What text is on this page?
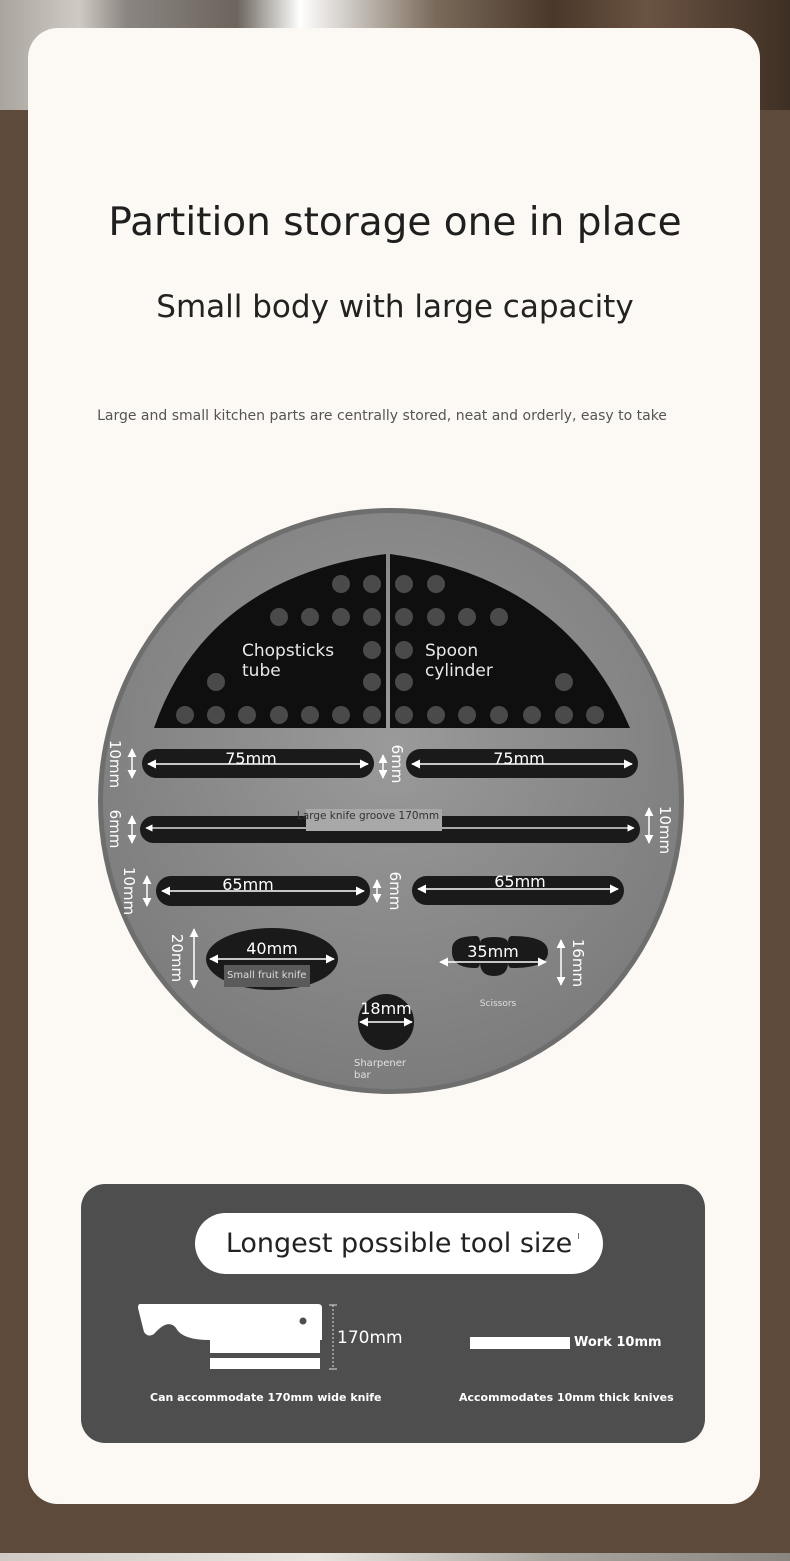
Partition storage one in place
Small body with large capacity
Large and small kitchen parts are centrally stored, neat and orderly, easy to take
Chopsticks
tube
Spoon
cylinder
75mm	75mm
10mm	6mm
Large knife groove 170mm
6mm	10mm
65mm	65mm
10mm	6mm
40mm
Small fruit knife
20mm	35mm	16mm
Scissors
18mm
Sharpener
bar
Longest possible tool size
170mm	Work 10mm
Can accommodate 170mm wide knife	Accommodates 10mm thick knives
